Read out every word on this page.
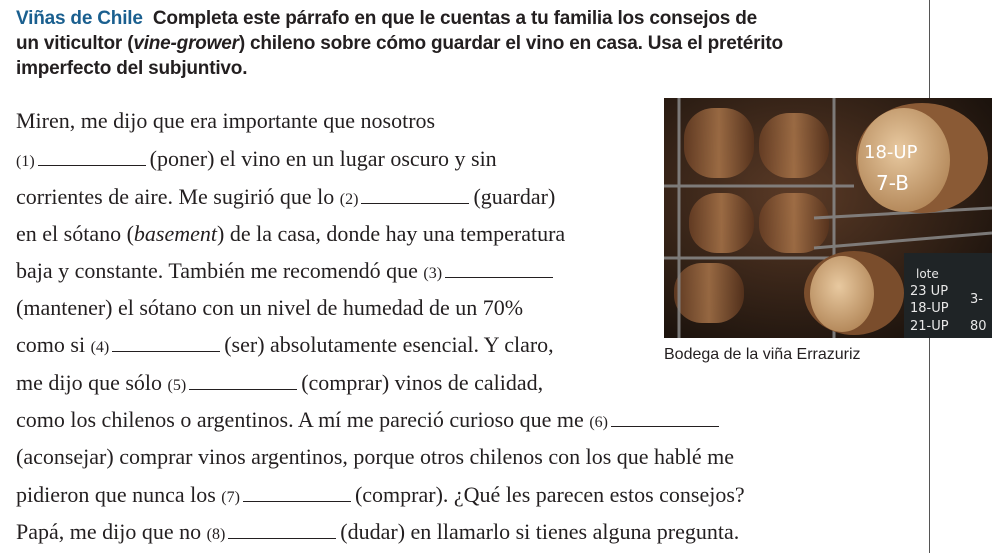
Viñas de Chile Completa este párrafo en que le cuentas a tu familia los consejos de
un viticultor (vine-grower) chileno sobre cómo guardar el vino en casa. Usa el pretérito
imperfecto del subjuntivo.
Miren, me dijo que era importante que nosotros
(1)	(poner) el vino en un lugar oscuro y sin
corrientes de aire. Me sugirió que lo (2)	(guardar)
en el sótano (basement) de la casa, donde hay una temperatura
baja y constante. También me recomendó que (3)
(mantener) el sótano con un nivel de humedad de un 70%
como si (4)	(ser) absolutamente esencial. Y claro,
me dijo que sólo (5)	(comprar) vinos de calidad,
como los chilenos o argentinos. A mí me pareció curioso que me (6)
(aconsejar) comprar vinos argentinos, porque otros chilenos con los que hablé me
pidieron que nunca los (7)	(comprar). ¿Qué les parecen estos consejos?
Papá, me dijo que no (8)	(dudar) en llamarlo si tienes alguna pregunta.
18-UP
7-B
lote
23 UP
18-UP
21-UP
3-
80
Bodega de la viña Errazuriz
